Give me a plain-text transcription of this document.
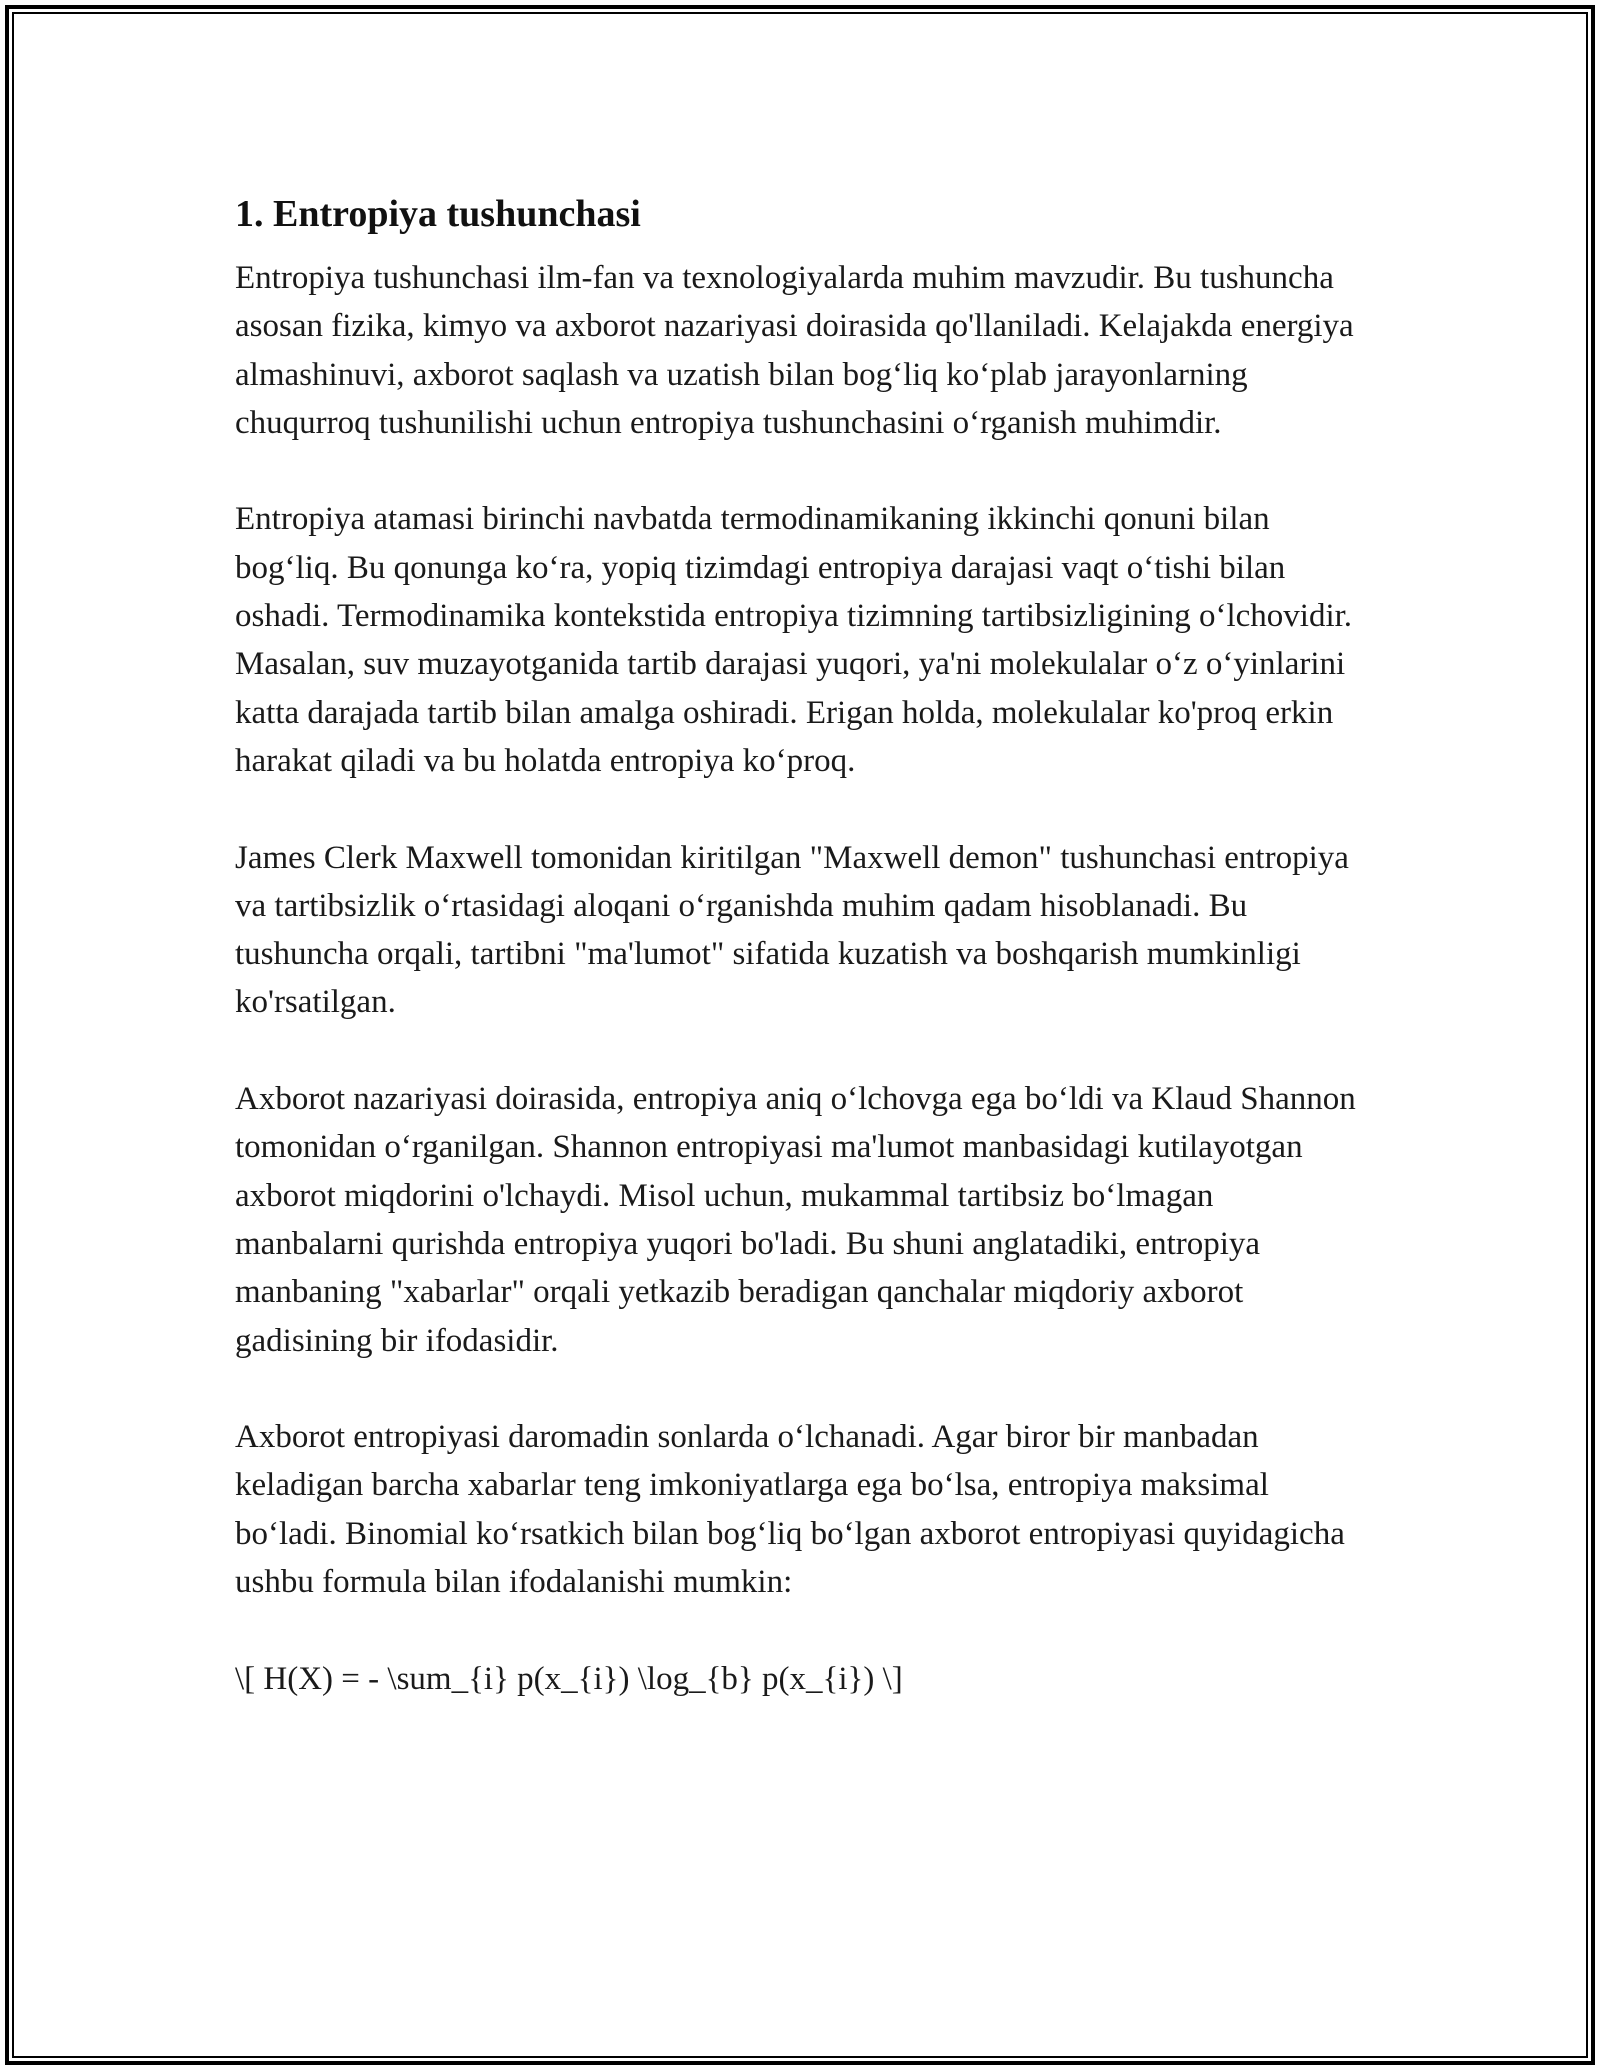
1. Entropiya tushunchasi

Entropiya tushunchasi ilm-fan va texnologiyalarda muhim mavzudir. Bu tushuncha asosan fizika, kimyo va axborot nazariyasi doirasida qo'llaniladi. Kelajakda energiya almashinuvi, axborot saqlash va uzatish bilan bog‘liq ko‘plab jarayonlarning chuqurroq tushunilishi uchun entropiya tushunchasini o‘rganish muhimdir.

Entropiya atamasi birinchi navbatda termodinamikaning ikkinchi qonuni bilan bog‘liq. Bu qonunga ko‘ra, yopiq tizimdagi entropiya darajasi vaqt o‘tishi bilan oshadi. Termodinamika kontekstida entropiya tizimning tartibsizligining o‘lchovidir. Masalan, suv muzayotganida tartib darajasi yuqori, ya'ni molekulalar o‘z o‘yinlarini katta darajada tartib bilan amalga oshiradi. Erigan holda, molekulalar ko'proq erkin harakat qiladi va bu holatda entropiya ko‘proq.

James Clerk Maxwell tomonidan kiritilgan "Maxwell demon" tushunchasi entropiya va tartibsizlik o‘rtasidagi aloqani o‘rganishda muhim qadam hisoblanadi. Bu tushuncha orqali, tartibni "ma'lumot" sifatida kuzatish va boshqarish mumkinligi ko'rsatilgan.

Axborot nazariyasi doirasida, entropiya aniq o‘lchovga ega bo‘ldi va Klaud Shannon tomonidan o‘rganilgan. Shannon entropiyasi ma'lumot manbasidagi kutilayotgan axborot miqdorini o'lchaydi. Misol uchun, mukammal tartibsiz bo‘lmagan manbalarni qurishda entropiya yuqori bo'ladi. Bu shuni anglatadiki, entropiya manbaning "xabarlar" orqali yetkazib beradigan qanchalar miqdoriy axborot gadisining bir ifodasidir.

Axborot entropiyasi daromadin sonlarda o‘lchanadi. Agar biror bir manbadan keladigan barcha xabarlar teng imkoniyatlarga ega bo‘lsa, entropiya maksimal bo‘ladi. Binomial ko‘rsatkich bilan bog‘liq bo‘lgan axborot entropiyasi quyidagicha ushbu formula bilan ifodalanishi mumkin:

\[ H(X) = - \sum_{i} p(x_{i}) \log_{b} p(x_{i}) \]
